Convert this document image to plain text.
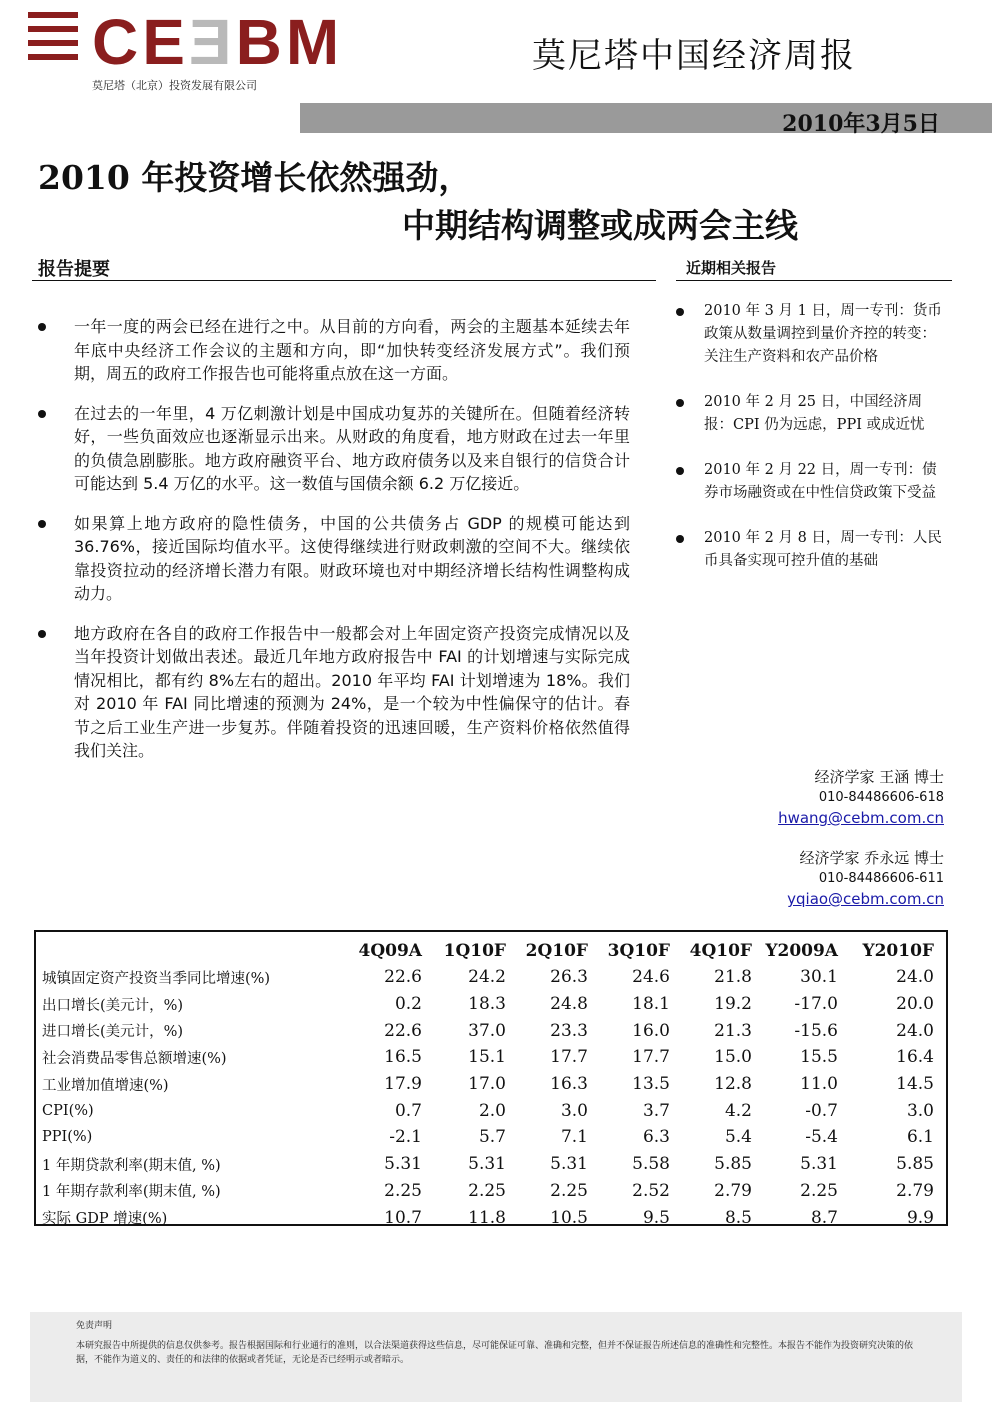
CEƎBM
莫尼塔（北京）投资发展有限公司
莫尼塔中国经济周报
2010年3月5日
2010 年投资增长依然强劲，
中期结构调整或成两会主线
报告提要	近期相关报告
一年一度的两会已经在进行之中。从目前的方向看，两会的主题基本延续去年年底中央经济工作会议的主题和方向，即“加快转变经济发展方式”。我们预期，周五的政府工作报告也可能将重点放在这一方面。
在过去的一年里，4 万亿刺激计划是中国成功复苏的关键所在。但随着经济转好，一些负面效应也逐渐显示出来。从财政的角度看，地方财政在过去一年里的负债急剧膨胀。地方政府融资平台、地方政府债务以及来自银行的信贷合计可能达到 5.4 万亿的水平。这一数值与国债余额 6.2 万亿接近。
如果算上地方政府的隐性债务，中国的公共债务占 GDP 的规模可能达到 36.76%，接近国际均值水平。这使得继续进行财政刺激的空间不大。继续依靠投资拉动的经济增长潜力有限。财政环境也对中期经济增长结构性调整构成动力。
地方政府在各自的政府工作报告中一般都会对上年固定资产投资完成情况以及当年投资计划做出表述。最近几年地方政府报告中 FAI 的计划增速与实际完成情况相比，都有约 8%左右的超出。2010 年平均 FAI 计划增速为 18%。我们对 2010 年 FAI 同比增速的预测为 24%，是一个较为中性偏保守的估计。春节之后工业生产进一步复苏。伴随着投资的迅速回暖，生产资料价格依然值得我们关注。
2010 年 3 月 1 日，周一专刊：货币政策从数量调控到量价齐控的转变：关注生产资料和农产品价格
2010 年 2 月 25 日，中国经济周报：CPI 仍为远虑，PPI 或成近忧
2010 年 2 月 22 日，周一专刊：债券市场融资或在中性信贷政策下受益
2010 年 2 月 8 日，周一专刊：人民币具备实现可控升值的基础
经济学家 王涵 博士
010-84486606-618
hwang@cebm.com.cn
经济学家 乔永远 博士
010-84486606-611
yqiao@cebm.com.cn
	4Q09A	1Q10F	2Q10F	3Q10F	4Q10F	Y2009A	Y2010F
城镇固定资产投资当季同比增速(%)	22.6	24.2	26.3	24.6	21.8	30.1	24.0
出口增长(美元计，%)	0.2	18.3	24.8	18.1	19.2	-17.0	20.0
进口增长(美元计，%)	22.6	37.0	23.3	16.0	21.3	-15.6	24.0
社会消费品零售总额增速(%)	16.5	15.1	17.7	17.7	15.0	15.5	16.4
工业增加值增速(%)	17.9	17.0	16.3	13.5	12.8	11.0	14.5
CPI(%)	0.7	2.0	3.0	3.7	4.2	-0.7	3.0
PPI(%)	-2.1	5.7	7.1	6.3	5.4	-5.4	6.1
1 年期贷款利率(期末值, %)	5.31	5.31	5.31	5.58	5.85	5.31	5.85
1 年期存款利率(期末值, %)	2.25	2.25	2.25	2.52	2.79	2.25	2.79
实际 GDP 增速(%)	10.7	11.8	10.5	9.5	8.5	8.7	9.9
免责声明
本研究报告中所提供的信息仅供参考。报告根据国际和行业通行的准则，以合法渠道获得这些信息，尽可能保证可靠、准确和完整，但并不保证报告所述信息的准确性和完整性。本报告不能作为投资研究决策的依据，不能作为道义的、责任的和法律的依据或者凭证，无论是否已经明示或者暗示。
